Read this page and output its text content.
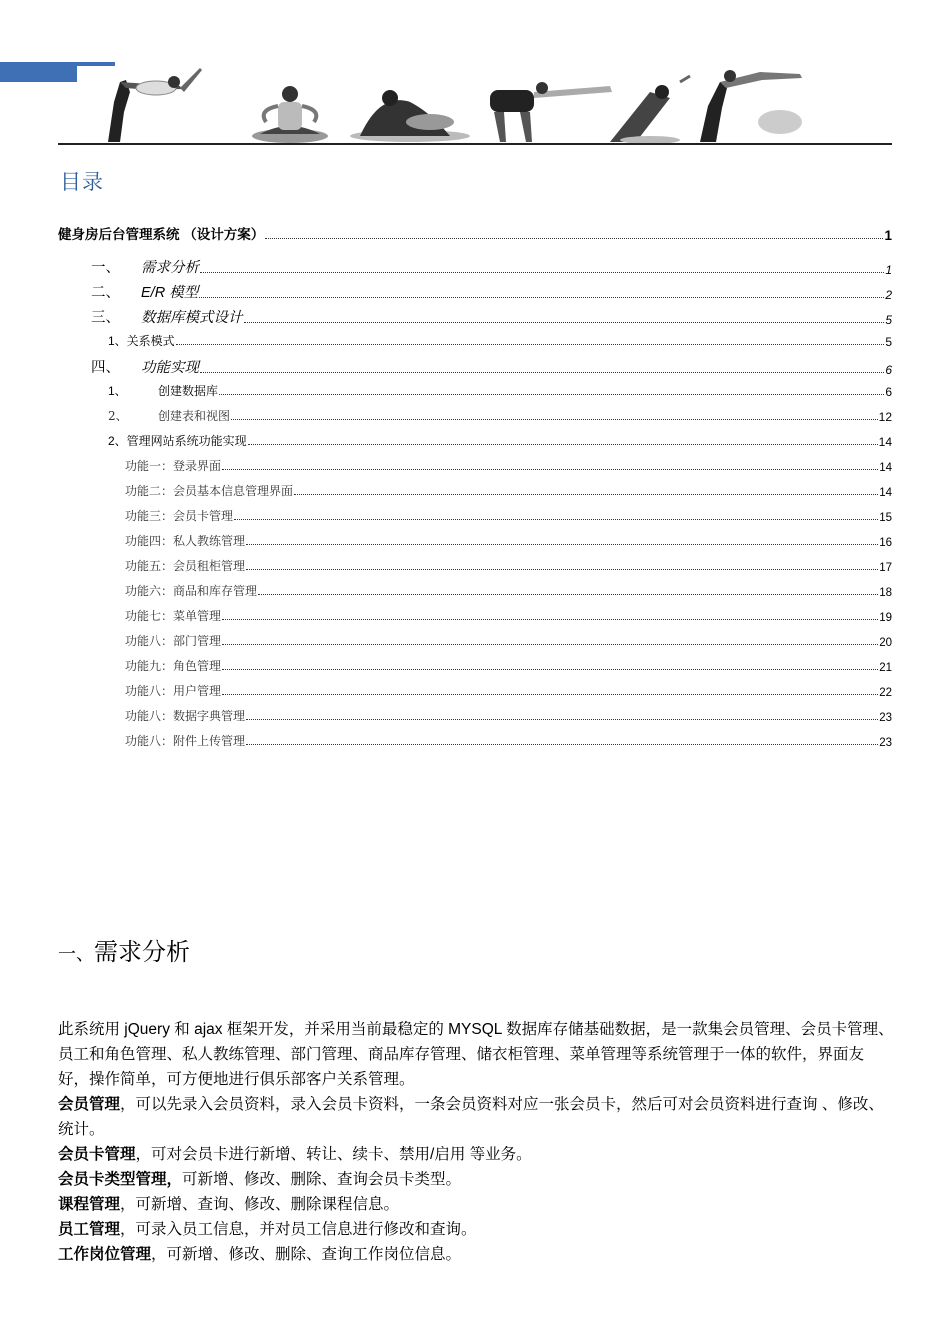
目录
健身房后台管理系统 （设计方案）	1
一、	需求分析	1
二、	E/R 模型	2
三、	数据库模式设计	5
1、关系模式	5
四、	功能实现	6
1、	创建数据库	6
2、	创建表和视图	12
2、管理网站系统功能实现	14
功能一：登录界面	14
功能二：会员基本信息管理界面	14
功能三：会员卡管理	15
功能四：私人教练管理	16
功能五：会员租柜管理	17
功能六：商品和库存管理	18
功能七：菜单管理	19
功能八：部门管理	20
功能九：角色管理	21
功能八：用户管理	22
功能八：数据字典管理	23
功能八：附件上传管理	23
一、需求分析

此系统用 jQuery 和 ajax 框架开发，并采用当前最稳定的 MYSQL 数据库存储基础数据，是一款集会员管理、会员卡管理、员工和角色管理、私人教练管理、部门管理、商品库存管理、储衣柜管理、菜单管理等系统管理于一体的软件，界面友好，操作简单，可方便地进行俱乐部客户关系管理。

会员管理，可以先录入会员资料，录入会员卡资料，一条会员资料对应一张会员卡，然后可对会员资料进行查询 、修改、统计。

会员卡管理，可对会员卡进行新增、转让、续卡、禁用/启用 等业务。

会员卡类型管理，可新增、修改、删除、查询会员卡类型。

课程管理，可新增、查询、修改、删除课程信息。

员工管理，可录入员工信息，并对员工信息进行修改和查询。

工作岗位管理，可新增、修改、删除、查询工作岗位信息。
